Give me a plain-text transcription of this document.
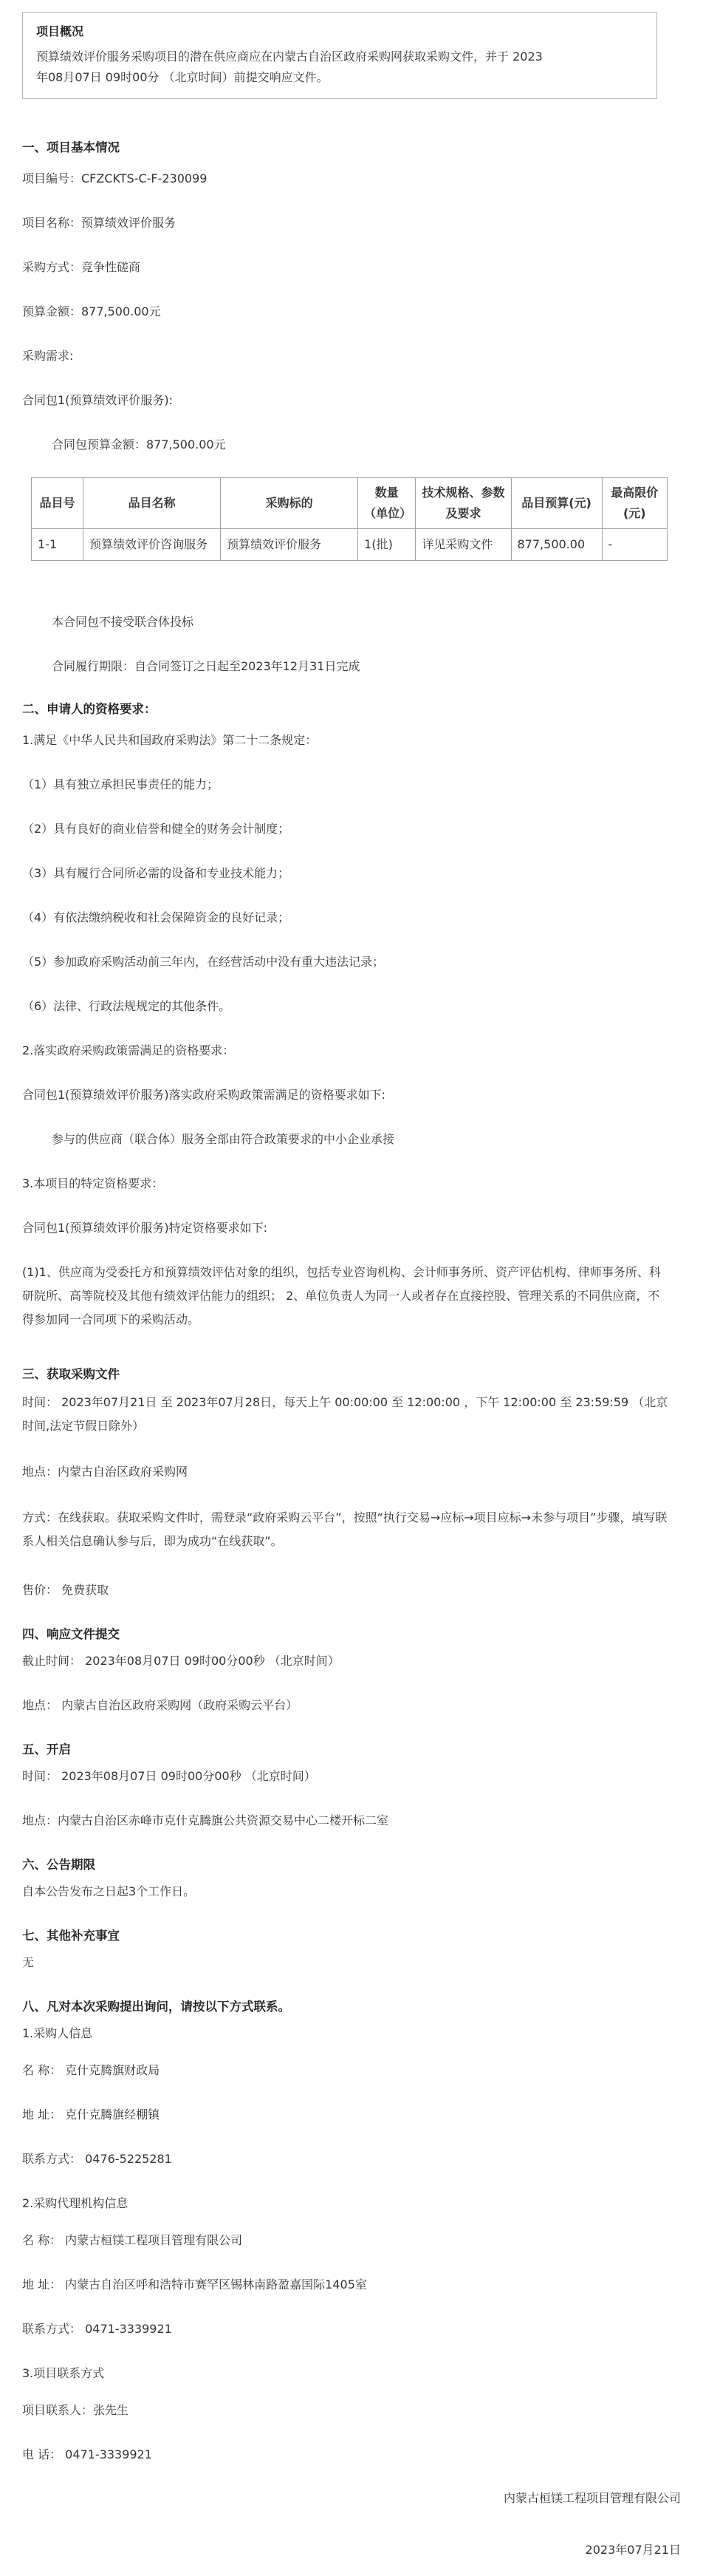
项目概况
预算绩效评价服务采购项目的潜在供应商应在内蒙古自治区政府采购网获取采购文件，并于 2023年08月07日 09时00分 （北京时间）前提交响应文件。
一、项目基本情况
项目编号：CFZCKTS-C-F-230099
项目名称：预算绩效评价服务
采购方式：竞争性磋商
预算金额：877,500.00元
采购需求:
合同包1(预算绩效评价服务):
合同包预算金额：877,500.00元
品目号	品目名称	采购标的	数量（单位）	技术规格、参数及要求	品目预算(元)	最高限价(元)
1-1	预算绩效评价咨询服务	预算绩效评价服务	1(批)	详见采购文件	877,500.00	-
本合同包不接受联合体投标
合同履行期限：自合同签订之日起至2023年12月31日完成
二、申请人的资格要求：
1.满足《中华人民共和国政府采购法》第二十二条规定：
（1）具有独立承担民事责任的能力；
（2）具有良好的商业信誉和健全的财务会计制度；
（3）具有履行合同所必需的设备和专业技术能力；
（4）有依法缴纳税收和社会保障资金的良好记录；
（5）参加政府采购活动前三年内，在经营活动中没有重大违法记录；
（6）法律、行政法规规定的其他条件。
2.落实政府采购政策需满足的资格要求：
合同包1(预算绩效评价服务)落实政府采购政策需满足的资格要求如下:
参与的供应商（联合体）服务全部由符合政策要求的中小企业承接
3.本项目的特定资格要求：
合同包1(预算绩效评价服务)特定资格要求如下:
(1)1、供应商为受委托方和预算绩效评估对象的组织，包括专业咨询机构、会计师事务所、资产评估机构、律师事务所、科研院所、高等院校及其他有绩效评估能力的组织； 2、单位负责人为同一人或者存在直接控股、管理关系的不同供应商，不得参加同一合同项下的采购活动。
三、获取采购文件
时间： 2023年07月21日 至 2023年07月28日，每天上午 00:00:00 至 12:00:00 ，下午 12:00:00 至 23:59:59 （北京时间,法定节假日除外）
地点：内蒙古自治区政府采购网
方式：在线获取。获取采购文件时，需登录“政府采购云平台”，按照“执行交易→应标→项目应标→未参与项目”步骤，填写联系人相关信息确认参与后，即为成功“在线获取”。
售价： 免费获取
四、响应文件提交
截止时间： 2023年08月07日 09时00分00秒 （北京时间）
地点： 内蒙古自治区政府采购网（政府采购云平台）
五、开启
时间： 2023年08月07日 09时00分00秒 （北京时间）
地点：内蒙古自治区赤峰市克什克腾旗公共资源交易中心二楼开标二室
六、公告期限
自本公告发布之日起3个工作日。
七、其他补充事宜
无
八、凡对本次采购提出询问，请按以下方式联系。
1.采购人信息
名 称： 克什克腾旗财政局
地 址： 克什克腾旗经棚镇
联系方式： 0476-5225281
2.采购代理机构信息
名 称： 内蒙古桓镁工程项目管理有限公司
地 址： 内蒙古自治区呼和浩特市赛罕区锡林南路盈嘉国际1405室
联系方式： 0471-3339921
3.项目联系方式
项目联系人：张先生
电 话： 0471-3339921
内蒙古桓镁工程项目管理有限公司
2023年07月21日
